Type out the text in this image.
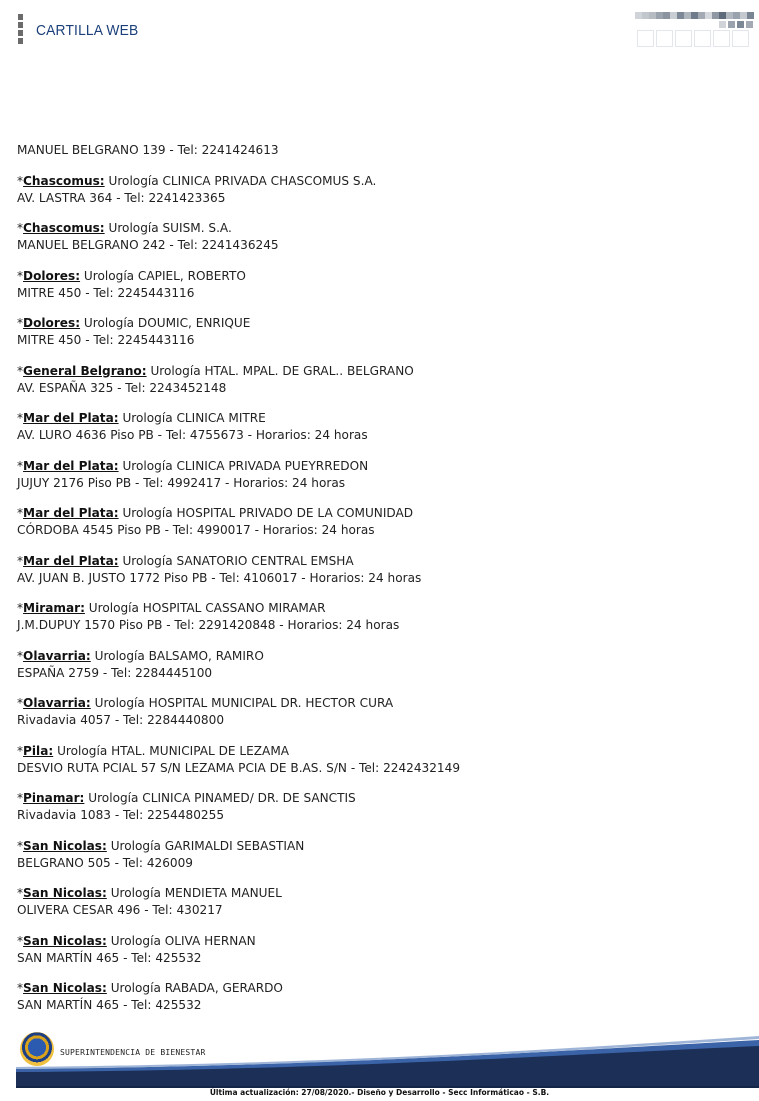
CARTILLA WEB
MANUEL BELGRANO 139 - Tel: 2241424613
*Chascomus: Urología CLINICA PRIVADA CHASCOMUS S.A.
AV. LASTRA 364 - Tel: 2241423365
*Chascomus: Urología SUISM. S.A.
MANUEL BELGRANO 242 - Tel: 2241436245
*Dolores: Urología CAPIEL, ROBERTO
MITRE 450 - Tel: 2245443116
*Dolores: Urología DOUMIC, ENRIQUE
MITRE 450 - Tel: 2245443116
*General Belgrano: Urología HTAL. MPAL. DE GRAL.. BELGRANO
AV. ESPAÑA 325 - Tel: 2243452148
*Mar del Plata: Urología CLINICA MITRE
AV. LURO 4636 Piso PB - Tel: 4755673 - Horarios: 24 horas
*Mar del Plata: Urología CLINICA PRIVADA PUEYRREDON
JUJUY 2176 Piso PB - Tel: 4992417 - Horarios: 24 horas
*Mar del Plata: Urología HOSPITAL PRIVADO DE LA COMUNIDAD
CÓRDOBA 4545 Piso PB - Tel: 4990017 - Horarios: 24 horas
*Mar del Plata: Urología SANATORIO CENTRAL EMSHA
AV. JUAN B. JUSTO 1772 Piso PB - Tel: 4106017 - Horarios: 24 horas
*Miramar: Urología HOSPITAL CASSANO MIRAMAR
J.M.DUPUY 1570 Piso PB - Tel: 2291420848 - Horarios: 24 horas
*Olavarria: Urología BALSAMO, RAMIRO
ESPAÑA 2759 - Tel: 2284445100
*Olavarria: Urología HOSPITAL MUNICIPAL DR. HECTOR CURA
Rivadavia 4057 - Tel: 2284440800
*Pila: Urología HTAL. MUNICIPAL DE LEZAMA
DESVIO RUTA PCIAL 57 S/N LEZAMA PCIA DE B.AS. S/N - Tel: 2242432149
*Pinamar: Urología CLINICA PINAMED/ DR. DE SANCTIS
Rivadavia 1083 - Tel: 2254480255
*San Nicolas: Urología GARIMALDI SEBASTIAN
BELGRANO 505 - Tel: 426009
*San Nicolas: Urología MENDIETA MANUEL
OLIVERA CESAR 496 - Tel: 430217
*San Nicolas: Urología OLIVA HERNAN
SAN MARTÍN 465 - Tel: 425532
*San Nicolas: Urología RABADA, GERARDO
SAN MARTÍN 465 - Tel: 425532
SUPERINTENDENCIA DE BIENESTAR
Última actualización: 27/08/2020.- Diseño y Desarrollo - Secc Informáticao - S.B.
